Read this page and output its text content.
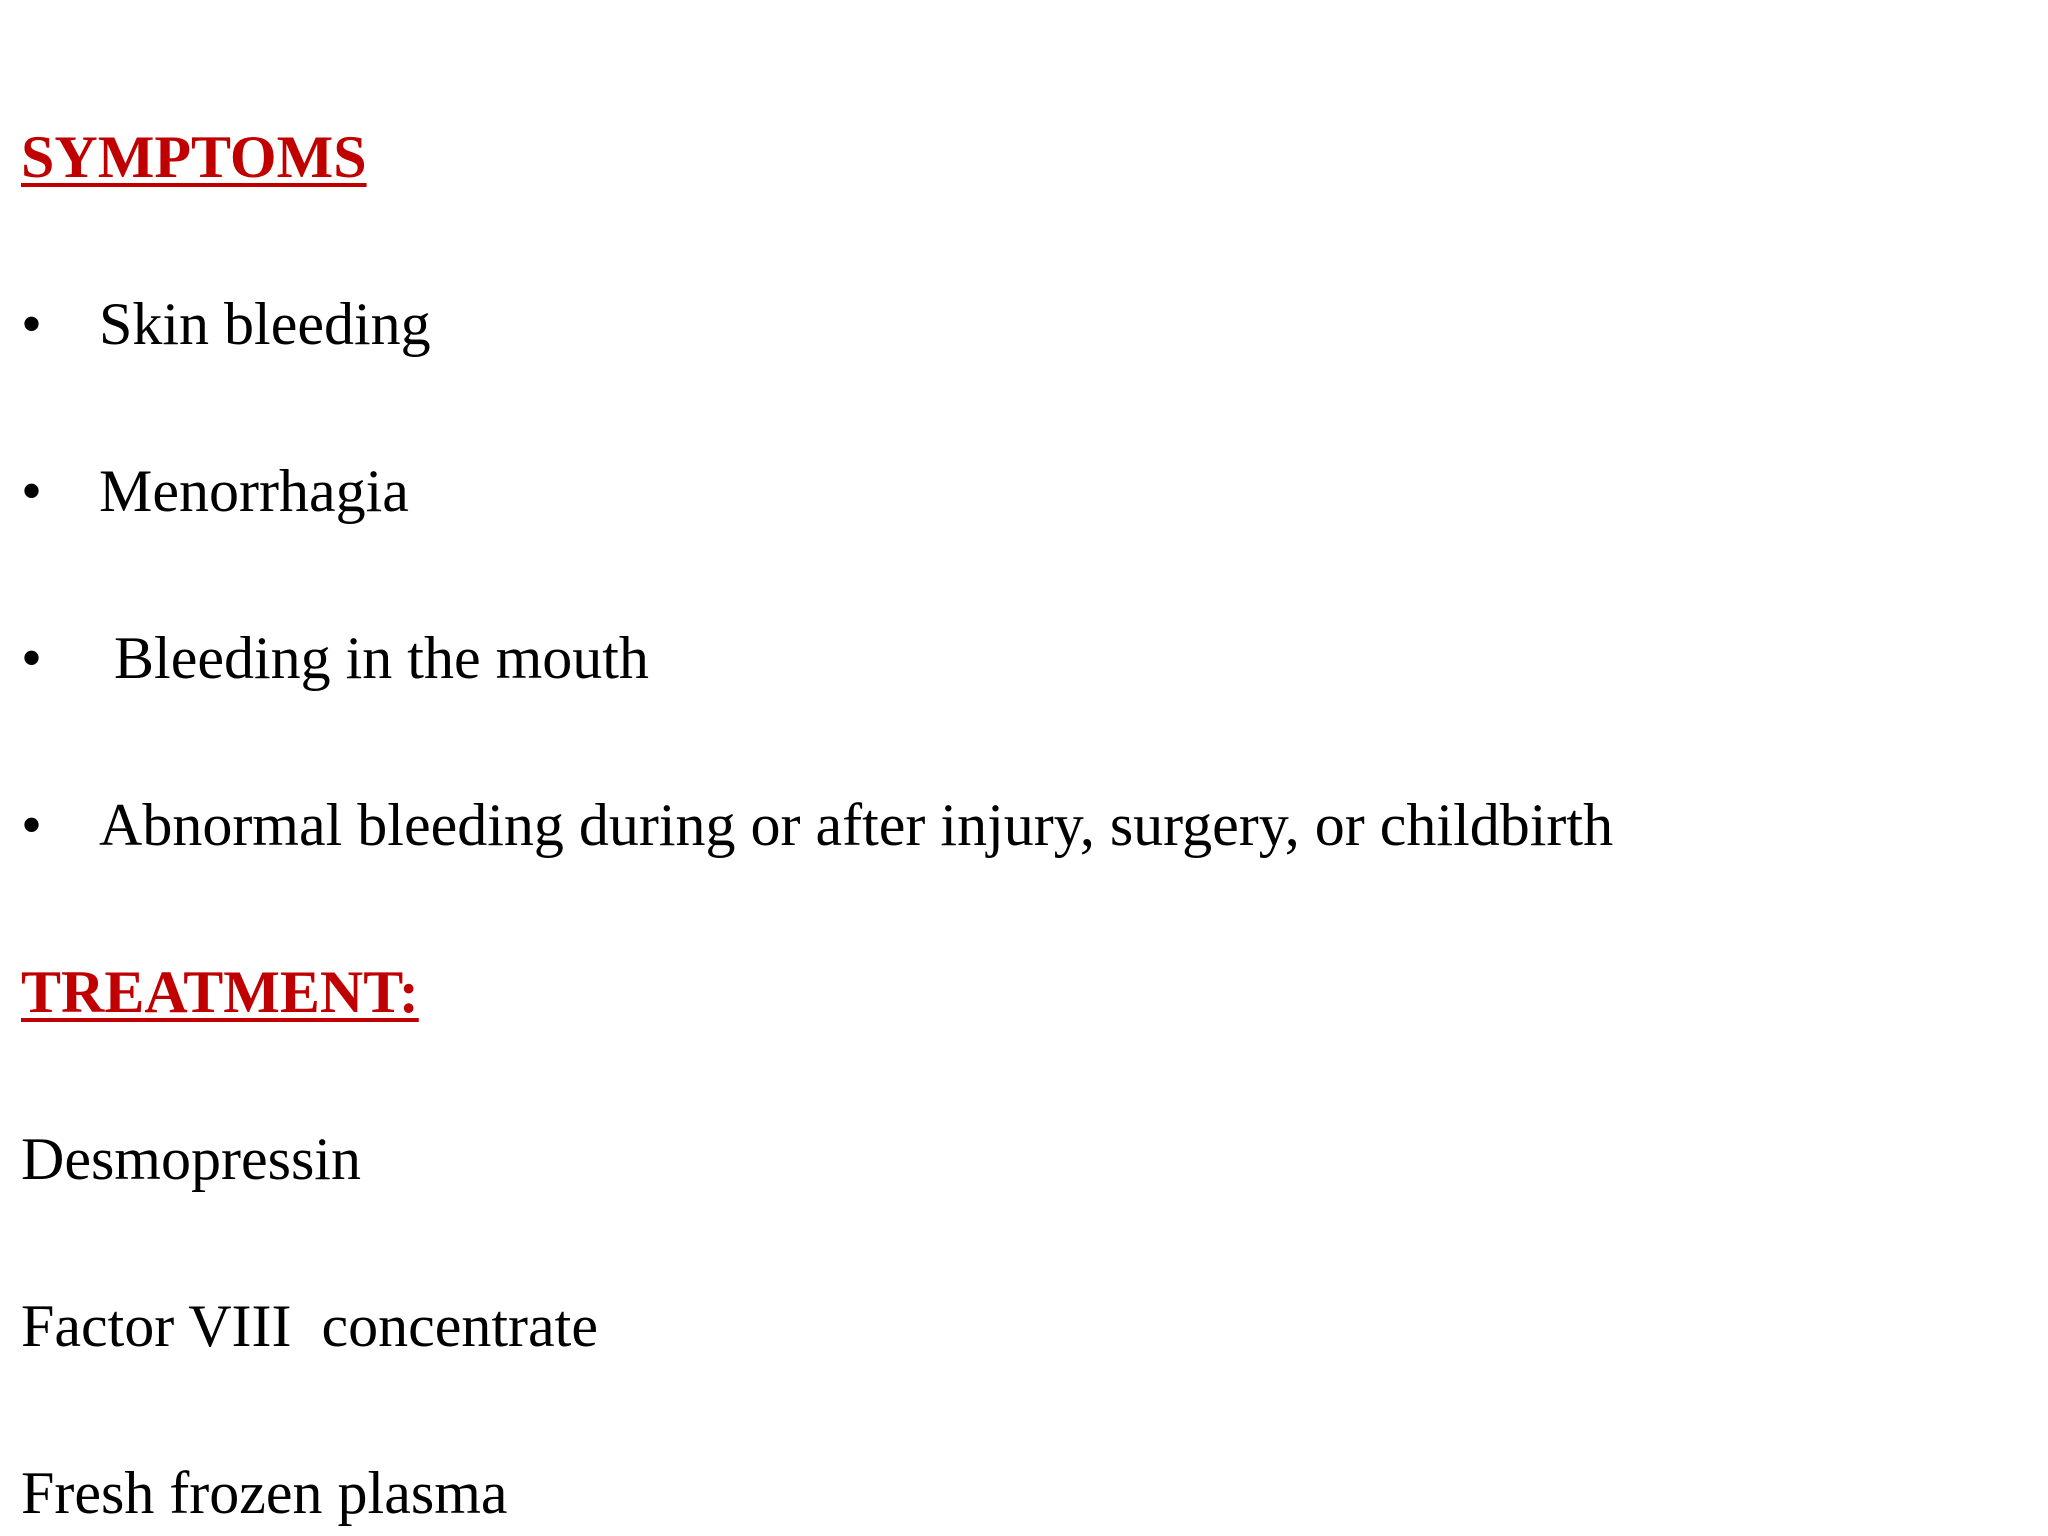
SYMPTOMS
• Skin bleeding
• Menorrhagia
• Bleeding in the mouth
• Abnormal bleeding during or after injury, surgery, or childbirth
TREATMENT:
Desmopressin
Factor VIII  concentrate
Fresh frozen plasma
